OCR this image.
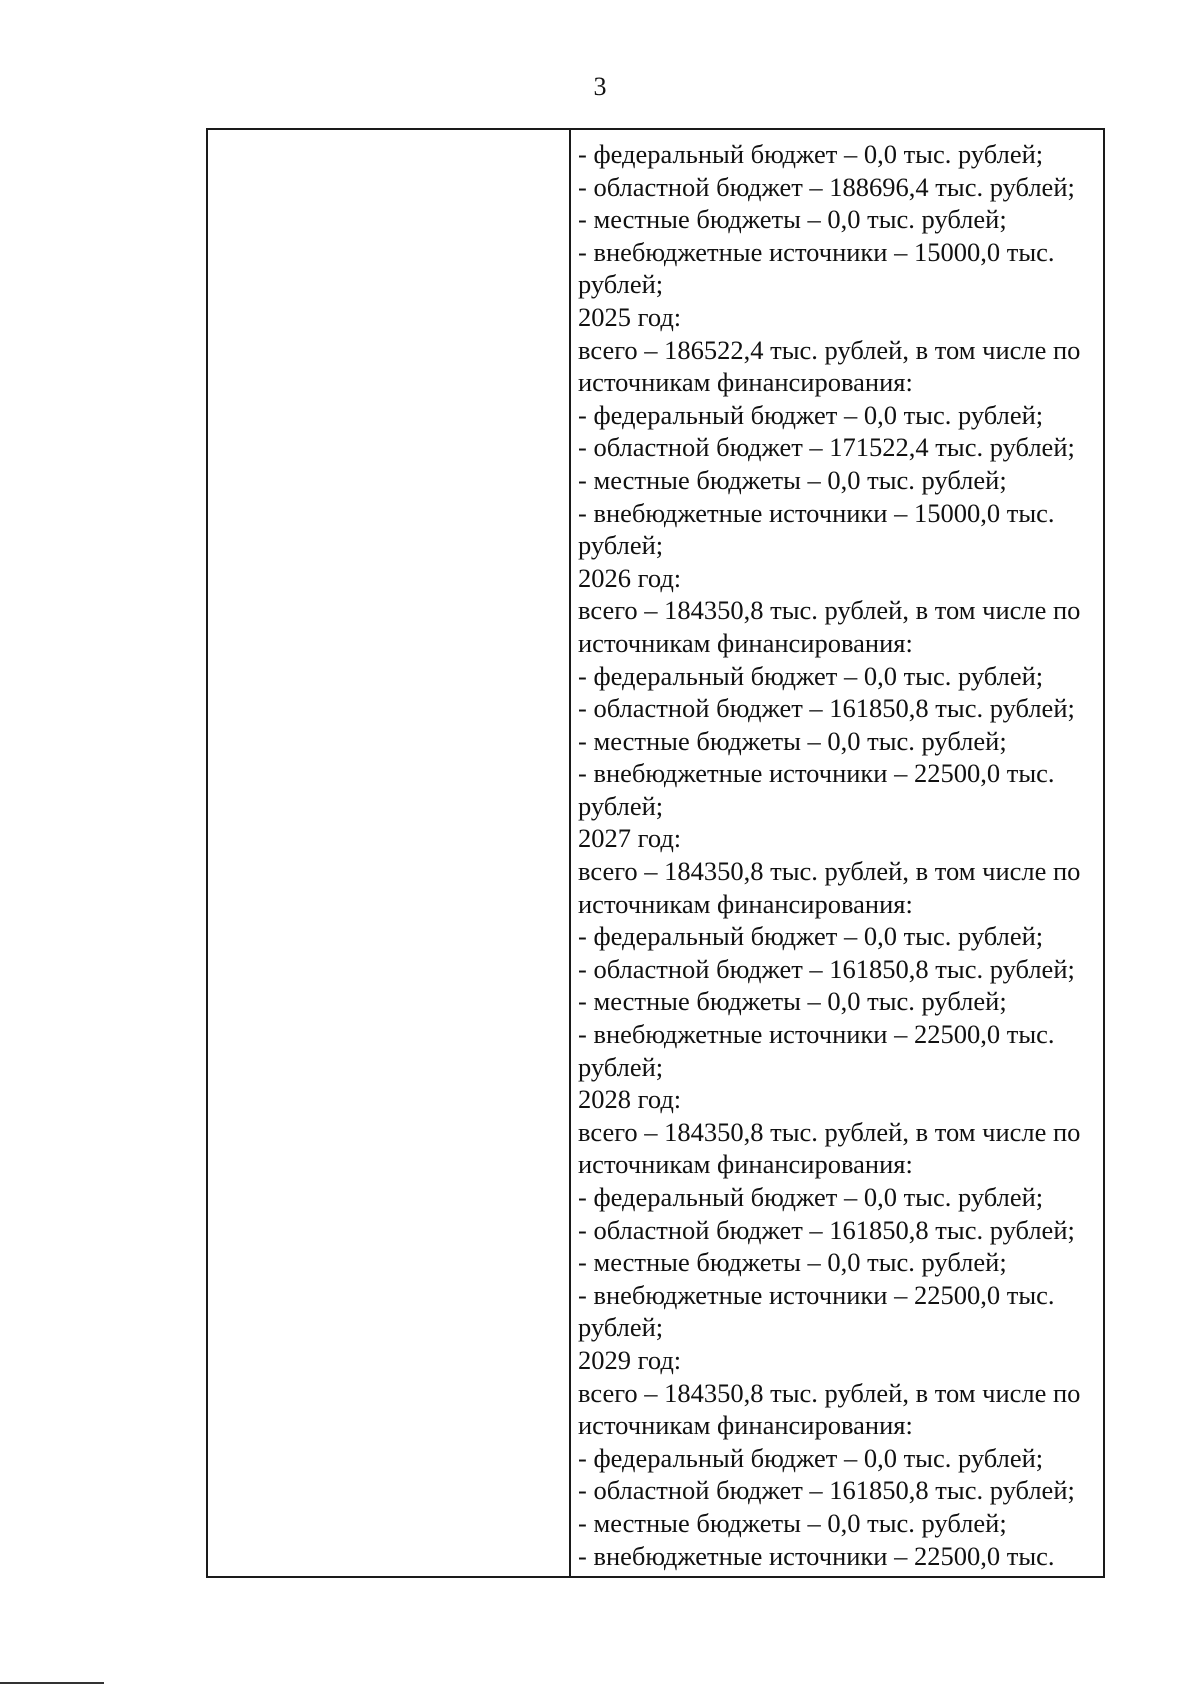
3
- федеральный бюджет – 0,0 тыс. рублей;
- областной бюджет – 188696,4 тыс. рублей;
- местные бюджеты – 0,0 тыс. рублей;
- внебюджетные источники – 15000,0 тыс.
рублей;
2025 год:
всего – 186522,4 тыс. рублей, в том числе по
источникам финансирования:
- федеральный бюджет – 0,0 тыс. рублей;
- областной бюджет – 171522,4 тыс. рублей;
- местные бюджеты – 0,0 тыс. рублей;
- внебюджетные источники – 15000,0 тыс.
рублей;
2026 год:
всего – 184350,8 тыс. рублей, в том числе по
источникам финансирования:
- федеральный бюджет – 0,0 тыс. рублей;
- областной бюджет – 161850,8 тыс. рублей;
- местные бюджеты – 0,0 тыс. рублей;
- внебюджетные источники – 22500,0 тыс.
рублей;
2027 год:
всего – 184350,8 тыс. рублей, в том числе по
источникам финансирования:
- федеральный бюджет – 0,0 тыс. рублей;
- областной бюджет – 161850,8 тыс. рублей;
- местные бюджеты – 0,0 тыс. рублей;
- внебюджетные источники – 22500,0 тыс.
рублей;
2028 год:
всего – 184350,8 тыс. рублей, в том числе по
источникам финансирования:
- федеральный бюджет – 0,0 тыс. рублей;
- областной бюджет – 161850,8 тыс. рублей;
- местные бюджеты – 0,0 тыс. рублей;
- внебюджетные источники – 22500,0 тыс.
рублей;
2029 год:
всего – 184350,8 тыс. рублей, в том числе по
источникам финансирования:
- федеральный бюджет – 0,0 тыс. рублей;
- областной бюджет – 161850,8 тыс. рублей;
- местные бюджеты – 0,0 тыс. рублей;
- внебюджетные источники – 22500,0 тыс.
